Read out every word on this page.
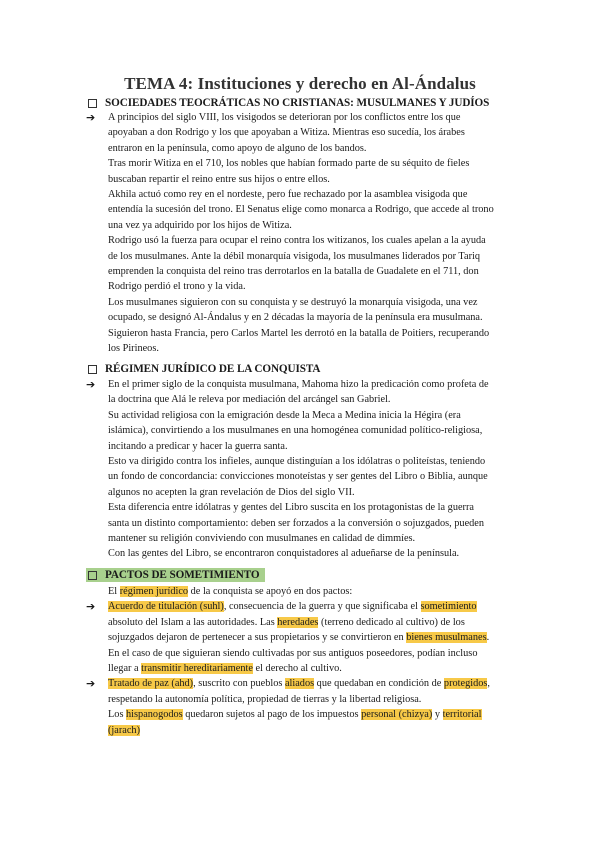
TEMA 4: Instituciones y derecho en Al-Ándalus
SOCIEDADES TEOCRÁTICAS NO CRISTIANAS: MUSULMANES Y JUDÍOS
➔ A principios del siglo VIII, los visigodos se deterioran por los conflictos entre los que
apoyaban a don Rodrigo y los que apoyaban a Witiza. Mientras eso sucedía, los árabes
entraron en la península, como apoyo de alguno de los bandos.
Tras morir Witiza en el 710, los nobles que habían formado parte de su séquito de fieles
buscaban repartir el reino entre sus hijos o entre ellos.
Akhila actuó como rey en el nordeste, pero fue rechazado por la asamblea visigoda que
entendía la sucesión del trono. El Senatus elige como monarca a Rodrigo, que accede al trono
una vez ya adquirido por los hijos de Witiza.
Rodrigo usó la fuerza para ocupar el reino contra los witizanos, los cuales apelan a la ayuda
de los musulmanes. Ante la débil monarquía visigoda, los musulmanes liderados por Tariq
emprenden la conquista del reino tras derrotarlos en la batalla de Guadalete en el 711, don
Rodrigo perdió el trono y la vida.
Los musulmanes siguieron con su conquista y se destruyó la monarquía visigoda, una vez
ocupado, se designó Al-Ándalus y en 2 décadas la mayoría de la península era musulmana.
Siguieron hasta Francia, pero Carlos Martel les derrotó en la batalla de Poitiers, recuperando
los Pirineos.
RÉGIMEN JURÍDICO DE LA CONQUISTA
➔ En el primer siglo de la conquista musulmana, Mahoma hizo la predicación como profeta de
la doctrina que Alá le releva por mediación del arcángel san Gabriel.
Su actividad religiosa con la emigración desde la Meca a Medina inicia la Hégira (era
islámica), convirtiendo a los musulmanes en una homogénea comunidad político-religiosa,
incitando a predicar y hacer la guerra santa.
Esto va dirigido contra los infieles, aunque distinguían a los idólatras o politeístas, teniendo
un fondo de concordancia: convicciones monoteístas y ser gentes del Libro o Biblia, aunque
algunos no acepten la gran revelación de Dios del siglo VII.
Esta diferencia entre idólatras y gentes del Libro suscita en los protagonistas de la guerra
santa un distinto comportamiento: deben ser forzados a la conversión o sojuzgados, pueden
mantener su religión conviviendo con musulmanes en calidad de dimmíes.
Con las gentes del Libro, se encontraron conquistadores al adueñarse de la península.
PACTOS DE SOMETIMIENTO
El régimen jurídico de la conquista se apoyó en dos pactos:
➔ Acuerdo de titulación (suhl), consecuencia de la guerra y que significaba el sometimiento
absoluto del Islam a las autoridades. Las heredades (terreno dedicado al cultivo) de los
sojuzgados dejaron de pertenecer a sus propietarios y se convirtieron en bienes musulmanes.
En el caso de que siguieran siendo cultivadas por sus antiguos poseedores, podían incluso
llegar a transmitir hereditariamente el derecho al cultivo.
➔ Tratado de paz (ahd), suscrito con pueblos aliados que quedaban en condición de protegidos,
respetando la autonomía política, propiedad de tierras y la libertad religiosa.
Los hispanogodos quedaron sujetos al pago de los impuestos personal (chizya) y territorial
(jarach)
